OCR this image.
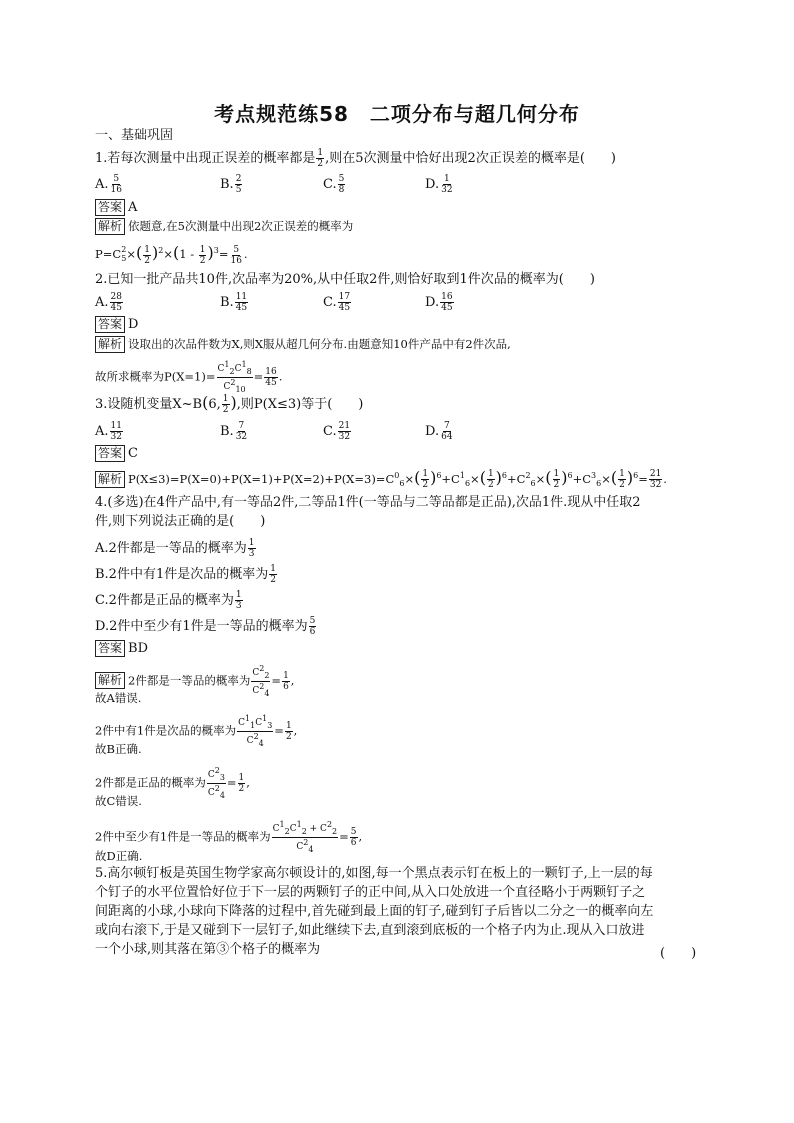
考点规范练58　二项分布与超几何分布
一、基础巩固
1.若每次测量中出现正误差的概率都是 $\frac{1}{2}$ ,则在5次测量中恰好出现2次正误差的概率是(　　)
A. $\frac{5}{16}$	B. $\frac{2}{5}$	C. $\frac{5}{8}$	D. $\frac{1}{32}$
答案 A
解析 依题意,在5次测量中出现2次正误差的概率为
$P=C^2_5\times( \frac{1}{2} )^2\times(1 - \frac{1}{2} )^3= \frac{5}{16}$ .
2.已知一批产品共10件,次品率为20%,从中任取2件,则恰好取到1件次品的概率为(　　)
A. $\frac{28}{45}$	B. $\frac{11}{45}$	C. $\frac{17}{45}$	D. $\frac{16}{45}$
答案 D
解析 设取出的次品件数为X,则X服从超几何分布.由题意知10件产品中有2件次品,
故所求概率为$P(X=1)= \frac{C^1_2C^1_8}{C^2_{10}} = \frac{16}{45}$ .
3.设随机变量X~B(6, $\frac{1}{2}$ ),则P(X≤3)等于(　　)
A. $\frac{11}{32}$	B. $\frac{7}{32}$	C. $\frac{21}{32}$	D. $\frac{7}{64}$
答案 C
解析 $P(X\le 3)=P(X=0)+P(X=1)+P(X=2)+P(X=3)=C^0_6\times( \frac{1}{2} )^6+C^1_6\times( \frac{1}{2} )^6+C^2_6\times( \frac{1}{2} )^6+C^3_6\times( \frac{1}{2} )^6= \frac{21}{32}$ .
4.(多选)在4件产品中,有一等品2件,二等品1件(一等品与二等品都是正品),次品1件.现从中任取2
件,则下列说法正确的是(　　)
A.2件都是一等品的概率为 $\frac{1}{3}$
B.2件中有1件是次品的概率为 $\frac{1}{2}$
C.2件都是正品的概率为 $\frac{1}{3}$
D.2件中至少有1件是一等品的概率为 $\frac{5}{6}$
答案 BD
解析 2件都是一等品的概率为 $\frac{C^2_2}{C^2_4} = \frac{1}{6}$ ,
故A错误.
2件中有1件是次品的概率为 $\frac{C^1_1C^1_3}{C^2_4} = \frac{1}{2}$ ,
故B正确.
2件都是正品的概率为 $\frac{C^2_3}{C^2_4} = \frac{1}{2}$ ,
故C错误.
2件中至少有1件是一等品的概率为 $\frac{C^1_2C^1_2 + C^2_2}{C^2_4} = \frac{5}{6}$ ,
故D正确.
5.高尔顿钉板是英国生物学家高尔顿设计的,如图,每一个黑点表示钉在板上的一颗钉子,上一层的每
个钉子的水平位置恰好位于下一层的两颗钉子的正中间,从入口处放进一个直径略小于两颗钉子之
间距离的小球,小球向下降落的过程中,首先碰到最上面的钉子,碰到钉子后皆以二分之一的概率向左
或向右滚下,于是又碰到下一层钉子,如此继续下去,直到滚到底板的一个格子内为止.现从入口放进
一个小球,则其落在第③个格子的概率为	(　　)
